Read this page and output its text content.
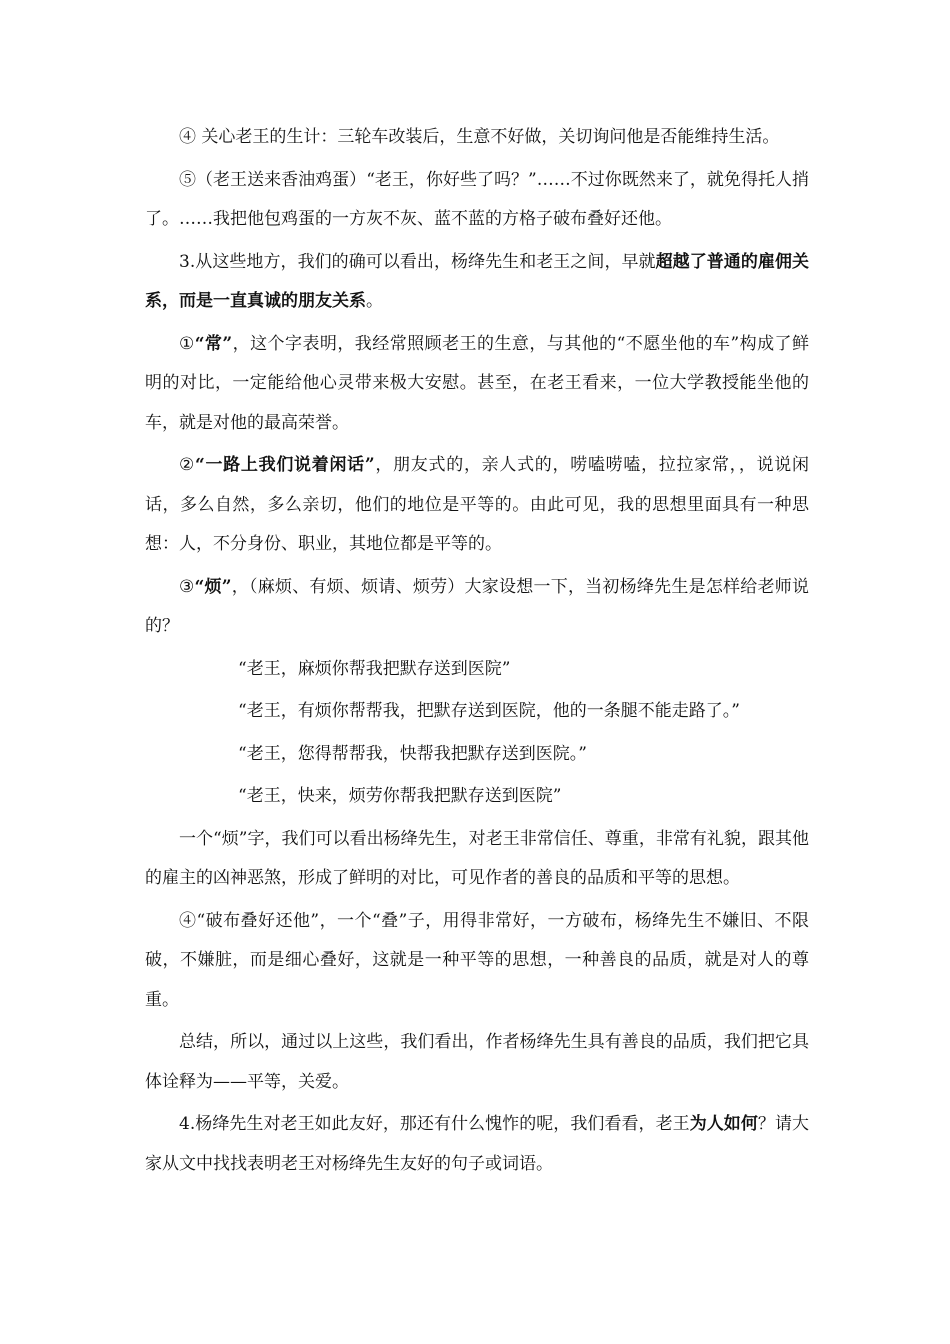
④ 关心老王的生计：三轮车改装后，生意不好做，关切询问他是否能维持生活。

⑤（老王送来香油鸡蛋）“老王，你好些了吗？”……不过你既然来了，就免得托人捎了。……我把他包鸡蛋的一方灰不灰、蓝不蓝的方格子破布叠好还他。

3.从这些地方，我们的确可以看出，杨绛先生和老王之间，早就超越了普通的雇佣关系，而是一直真诚的朋友关系。

①“常”，这个字表明，我经常照顾老王的生意，与其他的“不愿坐他的车”构成了鲜明的对比，一定能给他心灵带来极大安慰。甚至，在老王看来，一位大学教授能坐他的车，就是对他的最高荣誉。

②“一路上我们说着闲话”，朋友式的，亲人式的，唠嗑唠嗑，拉拉家常，，说说闲话，多么自然，多么亲切，他们的地位是平等的。由此可见，我的思想里面具有一种思想：人，不分身份、职业，其地位都是平等的。

③“烦”，（麻烦、有烦、烦请、烦劳）大家设想一下，当初杨绛先生是怎样给老师说的？

“老王，麻烦你帮我把默存送到医院”

“老王，有烦你帮帮我，把默存送到医院，他的一条腿不能走路了。”

“老王，您得帮帮我，快帮我把默存送到医院。”

“老王，快来，烦劳你帮我把默存送到医院”

一个“烦”字，我们可以看出杨绛先生，对老王非常信任、尊重，非常有礼貌，跟其他的雇主的凶神恶煞，形成了鲜明的对比，可见作者的善良的品质和平等的思想。

④“破布叠好还他”，一个“叠”子，用得非常好，一方破布，杨绛先生不嫌旧、不限破，不嫌脏，而是细心叠好，这就是一种平等的思想，一种善良的品质，就是对人的尊重。

总结，所以，通过以上这些，我们看出，作者杨绛先生具有善良的品质，我们把它具体诠释为——平等，关爱。

4.杨绛先生对老王如此友好，那还有什么愧怍的呢，我们看看，老王为人如何？请大家从文中找找表明老王对杨绛先生友好的句子或词语。
